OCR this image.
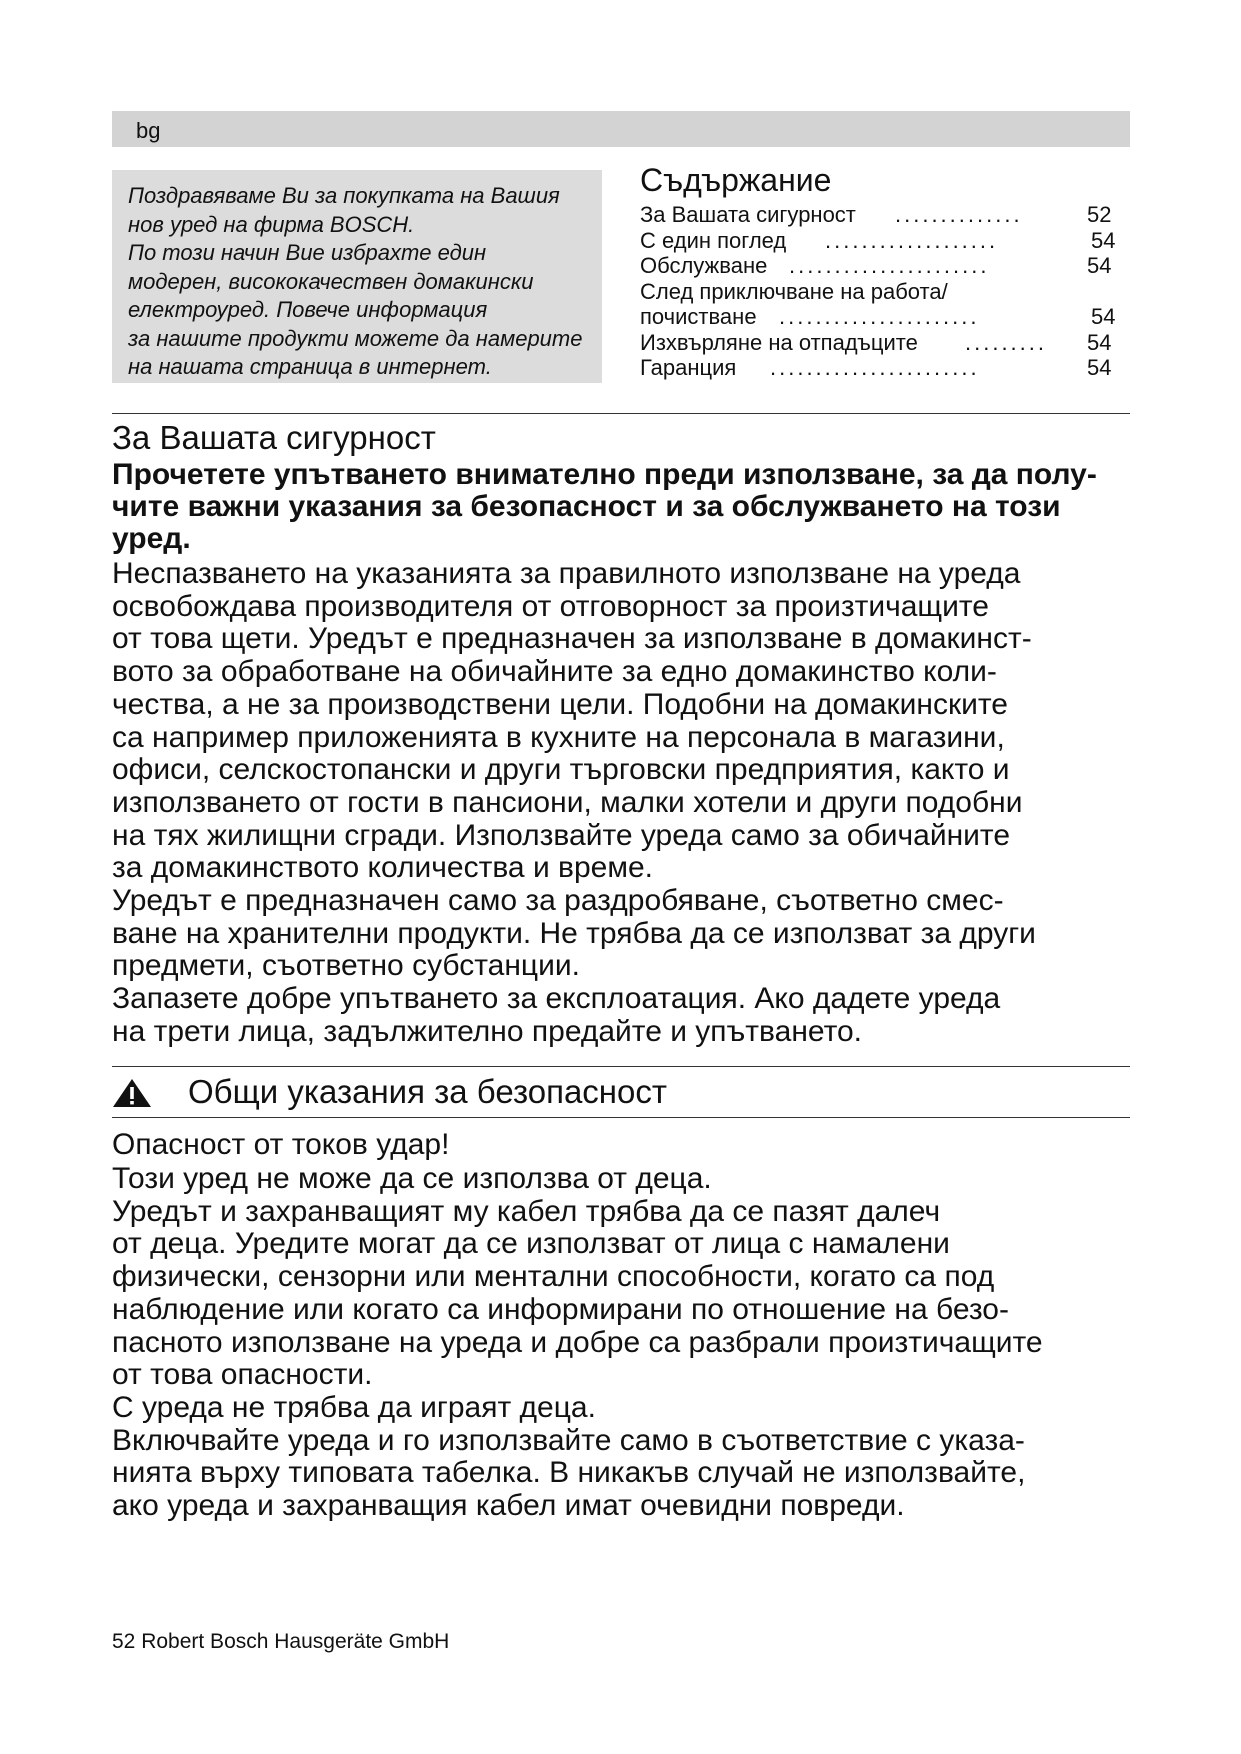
bg

Поздравяваме Ви за покупката на Вашия

нов уред на фирма BOSCH.

По този начин Вие избрахте един

модерен, висококачествен домакински

електроуред. Повече информация

за нашите продукти можете да намерите

на нашата страница в интернет.

Съдържание
За Вашата сигурност ..............	52
С един поглед ...................	54
Обслужване ......................	54
След приключване на работа/
почистване ......................	54
Изхвърляне на отпадъците ......... 54
Гаранция .......................	54
За Вашата сигурност
Прочетете упътването внимателно преди използване, за да полу-
чите важни указания за безопасност и за обслужването на този
уред.
Неспазването на указанията за правилното използване на уреда
освобождава производителя от отговорност за произтичащите
от това щети. Уредът е предназначен за използване в домакинст-
вото за обработване на обичайните за едно домакинство коли-
чества, а не за производствени цели. Подобни на домакинските
са например приложенията в кухните на персонала в магазини,
офиси, селскостопански и други търговски предприятия, както и
използването от гости в пансиони, малки хотели и други подобни
на тях жилищни сгради. Използвайте уреда само за обичайните
за домакинството количества и време.
Уредът е предназначен само за раздробяване, съответно смес-
ване на хранителни продукти. Не трябва да се използват за други
предмети, съответно субстанции.
Запазете добре упътването за експлоатация. Ако дадете уреда
на трети лица, задължително предайте и упътването.
Общи указания за безопасност

Опасност от токов удар!

Този уред не може да се използва от деца.
Уредът и захранващият му кабел трябва да се пазят далеч
от деца. Уредите могат да се използват от лица с намалени
физически, сензорни или ментални способности, когато са под
наблюдение или когато са информирани по отношение на безо-
пасното използване на уреда и добре са разбрали произтичащите
от това опасности.
С уреда не трябва да играят деца.
Включвайте уреда и го използвайте само в съответствие с указа-
нията върху типовата табелка. В никакъв случай не използвайте,
ако уреда и захранващия кабел имат очевидни повреди.
52 Robert Bosch Hausgeräte GmbH
